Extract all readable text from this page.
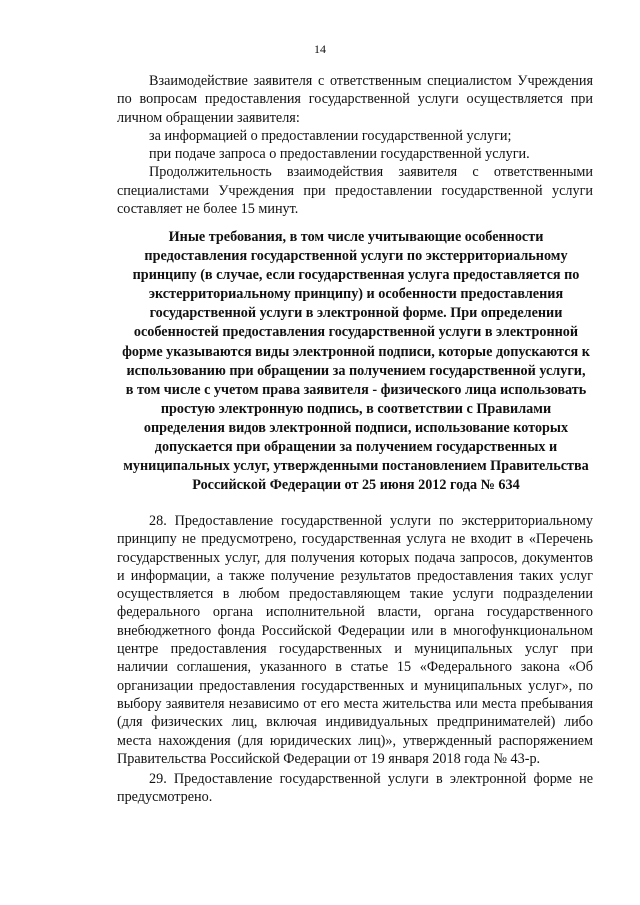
14

Взаимодействие заявителя с ответственным специалистом Учреждения по вопросам предоставления государственной услуги осуществляется при личном обращении заявителя:

за информацией о предоставлении государственной услуги;

при подаче запроса о предоставлении государственной услуги.

Продолжительность взаимодействия заявителя с ответственными специалистами Учреждения при предоставлении государственной услуги составляет не более 15 минут.

Иные требования, в том числе учитывающие особенности предоставления государственной услуги по экстерриториальному принципу (в случае, если государственная услуга предоставляется по экстерриториальному принципу) и особенности предоставления государственной услуги в электронной форме. При определении особенностей предоставления государственной услуги в электронной форме указываются виды электронной подписи, которые допускаются к использованию при обращении за получением государственной услуги, в том числе с учетом права заявителя - физического лица использовать простую электронную подпись, в соответствии с Правилами определения видов электронной подписи, использование которых допускается при обращении за получением государственных и муниципальных услуг, утвержденными постановлением Правительства Российской Федерации от 25 июня 2012 года № 634

28. Предоставление государственной услуги по экстерриториальному принципу не предусмотрено, государственная услуга не входит в «Перечень государственных услуг, для получения которых подача запросов, документов и информации, а также получение результатов предоставления таких услуг осуществляется в любом предоставляющем такие услуги подразделении федерального органа исполнительной власти, органа государственного внебюджетного фонда Российской Федерации или в многофункциональном центре предоставления государственных и муниципальных услуг при наличии соглашения, указанного в статье 15 «Федерального закона «Об организации предоставления государственных и муниципальных услуг», по выбору заявителя независимо от его места жительства или места пребывания (для физических лиц, включая индивидуальных предпринимателей) либо места нахождения (для юридических лиц)», утвержденный распоряжением Правительства Российской Федерации от 19 января 2018 года № 43-р.

29. Предоставление государственной услуги в электронной форме не предусмотрено.
